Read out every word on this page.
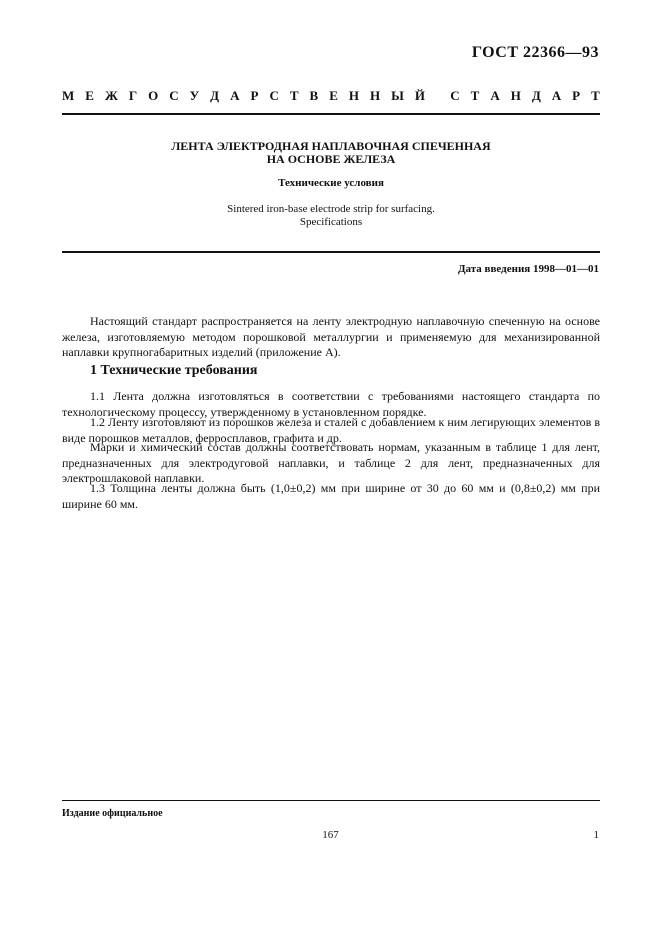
ГОСТ 22366—93
М Е Ж Г О С У Д А Р С Т В Е Н Н Ы Й
С Т А Н Д А Р Т
ЛЕНТА ЭЛЕКТРОДНАЯ НАПЛАВОЧНАЯ СПЕЧЕННАЯ
НА ОСНОВЕ ЖЕЛЕЗА
Технические условия
Sintered iron-base electrode strip for surfacing.
Specifications
Дата введения 1998—01—01
Настоящий стандарт распространяется на ленту электродную наплавочную спеченную на основе железа, изготовляемую методом порошковой металлургии и применяемую для механизированной наплавки крупногабаритных изделий (приложение А).
1 Технические требования
1.1 Лента должна изготовляться в соответствии с требованиями настоящего стандарта по технологическому процессу, утвержденному в установленном порядке.
1.2 Ленту изготовляют из порошков железа и сталей с добавлением к ним легирующих элементов в виде порошков металлов, ферросплавов, графита и др.
Марки и химический состав должны соответствовать нормам, указанным в таблице 1 для лент, предназначенных для электродуговой наплавки, и таблице 2 для лент, предназначенных для электрошлаковой наплавки.
1.3 Толщина ленты должна быть (1,0±0,2) мм при ширине от 30 до 60 мм и (0,8±0,2) мм при ширине 60 мм.
Издание официальное
167	1
